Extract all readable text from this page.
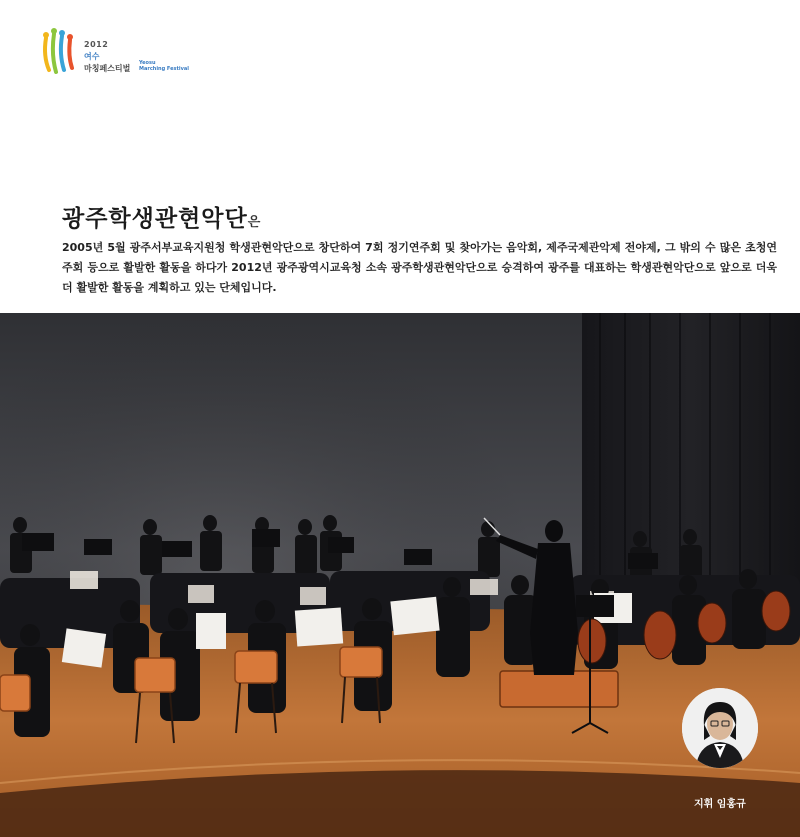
2012
여수
마칭페스티벌
Yeosu
Marching Festival
광주학생관현악단은
2005년 5월 광주서부교육지원청 학생관현악단으로 창단하여 7회 정기연주회 및 찾아가는 음악회, 제주국제관악제 전야제, 그 밖의 수 많은 초청연주회 등으로 활발한 활동을 하다가 2012년 광주광역시교육청 소속 광주학생관현악단으로 승격하여 광주를 대표하는 학생관현악단으로 앞으로 더욱 더 활발한 활동을 계획하고 있는 단체입니다.
지휘 임홍규
